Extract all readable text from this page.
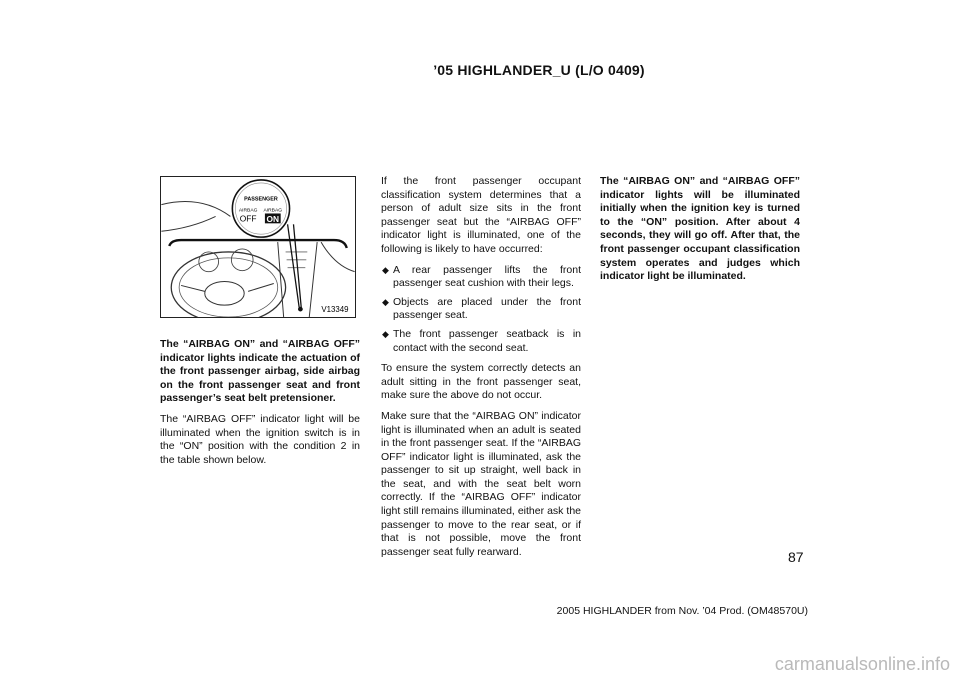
’05 HIGHLANDER_U (L/O 0409)
PASSENGER
AIRBAG
OFF
AIRBAG
ON
V13349

The “AIRBAG ON” and “AIRBAG OFF” indicator lights indicate the actuation of the front passenger airbag, side airbag on the front passenger seat and front passenger’s seat belt pretensioner.

The “AIRBAG OFF” indicator light will be illuminated when the ignition switch is in the “ON” position with the condition 2 in the table shown below.

If the front passenger occupant classification system determines that a person of adult size sits in the front passenger seat but the “AIRBAG OFF” indicator light is illuminated, one of the following is likely to have occurred:

◆ A rear passenger lifts the front passenger seat cushion with their legs.
◆ Objects are placed under the front passenger seat.
◆ The front passenger seatback is in contact with the second seat.

To ensure the system correctly detects an adult sitting in the front passenger seat, make sure the above do not occur.

Make sure that the “AIRBAG ON” indicator light is illuminated when an adult is seated in the front passenger seat. If the “AIRBAG OFF” indicator light is illuminated, ask the passenger to sit up straight, well back in the seat, and with the seat belt worn correctly. If the “AIRBAG OFF” indicator light still remains illuminated, either ask the passenger to move to the rear seat, or if that is not possible, move the front passenger seat fully rearward.

The “AIRBAG ON” and “AIRBAG OFF” indicator lights will be illuminated initially when the ignition key is turned to the “ON” position. After about 4 seconds, they will go off. After that, the front passenger occupant classification system operates and judges which indicator light be illuminated.

87
2005 HIGHLANDER from Nov. ’04 Prod. (OM48570U)
carmanualsonline.info
